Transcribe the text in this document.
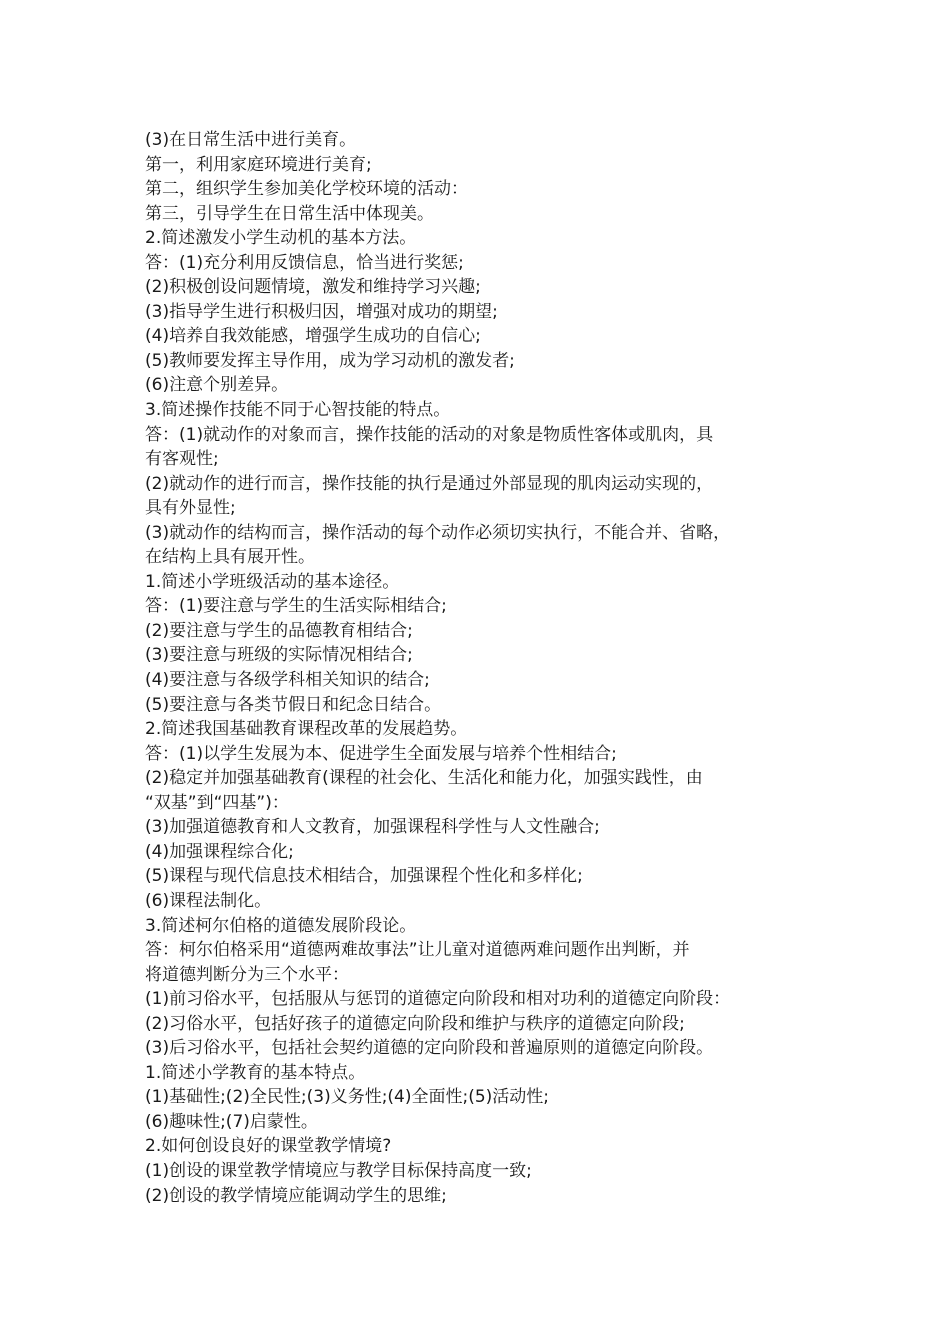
(3)在日常生活中进行美育。
第一，利用家庭环境进行美育;
第二，组织学生参加美化学校环境的活动：
第三，引导学生在日常生活中体现美。
2.简述激发小学生动机的基本方法。
答：(1)充分利用反馈信息，恰当进行奖惩;
(2)积极创设问题情境，激发和维持学习兴趣;
(3)指导学生进行积极归因，增强对成功的期望;
(4)培养自我效能感，增强学生成功的自信心;
(5)教师要发挥主导作用，成为学习动机的激发者;
(6)注意个别差异。
3.简述操作技能不同于心智技能的特点。
答：(1)就动作的对象而言，操作技能的活动的对象是物质性客体或肌肉，具
有客观性;
(2)就动作的进行而言，操作技能的执行是通过外部显现的肌肉运动实现的，
具有外显性;
(3)就动作的结构而言，操作活动的每个动作必须切实执行，不能合并、省略，
在结构上具有展开性。
1.简述小学班级活动的基本途径。
答：(1)要注意与学生的生活实际相结合;
(2)要注意与学生的品德教育相结合;
(3)要注意与班级的实际情况相结合;
(4)要注意与各级学科相关知识的结合;
(5)要注意与各类节假日和纪念日结合。
2.简述我国基础教育课程改革的发展趋势。
答：(1)以学生发展为本、促进学生全面发展与培养个性相结合;
(2)稳定并加强基础教育(课程的社会化、生活化和能力化，加强实践性，由
“双基”到“四基”)：
(3)加强道德教育和人文教育，加强课程科学性与人文性融合;
(4)加强课程综合化;
(5)课程与现代信息技术相结合，加强课程个性化和多样化;
(6)课程法制化。
3.简述柯尔伯格的道德发展阶段论。
答：柯尔伯格采用“道德两难故事法”让儿童对道德两难问题作出判断，并
将道德判断分为三个水平：
(1)前习俗水平，包括服从与惩罚的道德定向阶段和相对功利的道德定向阶段：
(2)习俗水平，包括好孩子的道德定向阶段和维护与秩序的道德定向阶段;
(3)后习俗水平，包括社会契约道德的定向阶段和普遍原则的道德定向阶段。
1.简述小学教育的基本特点。
(1)基础性;(2)全民性;(3)义务性;(4)全面性;(5)活动性;
(6)趣味性;(7)启蒙性。
2.如何创设良好的课堂教学情境?
(1)创设的课堂教学情境应与教学目标保持高度一致;
(2)创设的教学情境应能调动学生的思维;
